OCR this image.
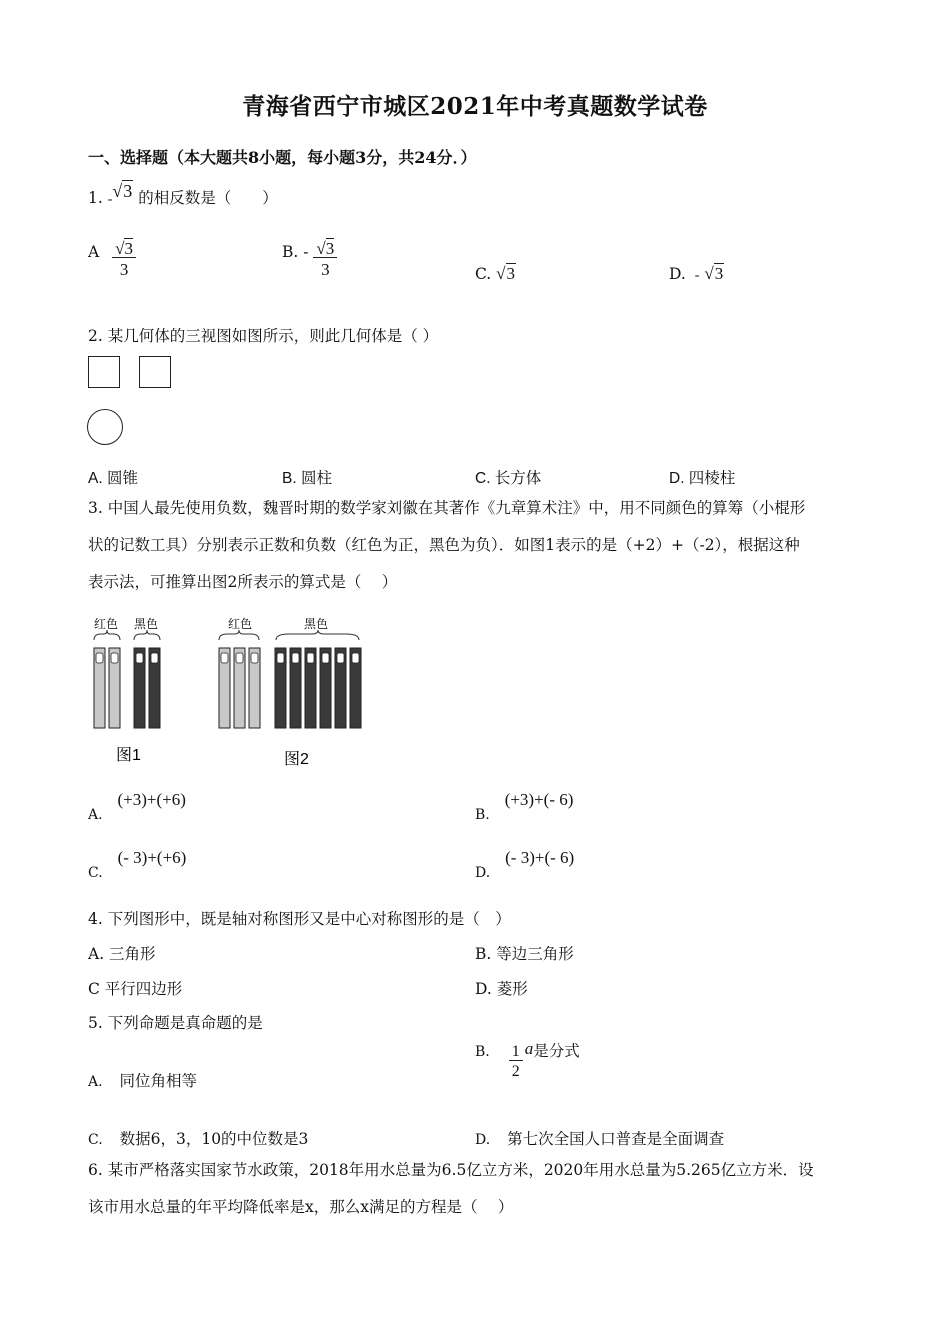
青海省西宁市城区2021年中考真题数学试卷
一、选择题（本大题共8小题，每小题3分，共24分．）
1. -√3 的相反数是（　　）
A $\frac{√3}{3}$	B. - $\frac{√3}{3}$	C. √3	D. - √3
2. 某几何体的三视图如图所示，则此几何体是（ ）
A. 圆锥	B. 圆柱	C. 长方体	D. 四棱柱
3. 中国人最先使用负数，魏晋时期的数学家刘徽在其著作《九章算术注》中，用不同颜色的算筹（小棍形
状的记数工具）分别表示正数和负数（红色为正，黑色为负）．如图1表示的是（+2）+（-2），根据这种
表示法，可推算出图2所表示的算式是（　 ）
红色 黑色
图1
红色	黑色
图2
A. (+3)+(+6)
B. (+3)+(- 6)
C. (- 3)+(+6)
D. (- 3)+(- 6)
4. 下列图形中，既是轴对称图形又是中心对称图形的是（　）
A. 三角形	B. 等边三角形
C 平行四边形	D. 菱形
5. 下列命题是真命题的是
A. 同位角相等
B. $\frac{1}{2}$ a是分式
C. 数据6，3，10的中位数是3	D. 第七次全国人口普查是全面调查
6. 某市严格落实国家节水政策，2018年用水总量为6.5亿立方米，2020年用水总量为5.265亿立方米．设
该市用水总量的年平均降低率是x，那么x满足的方程是（　 ）
